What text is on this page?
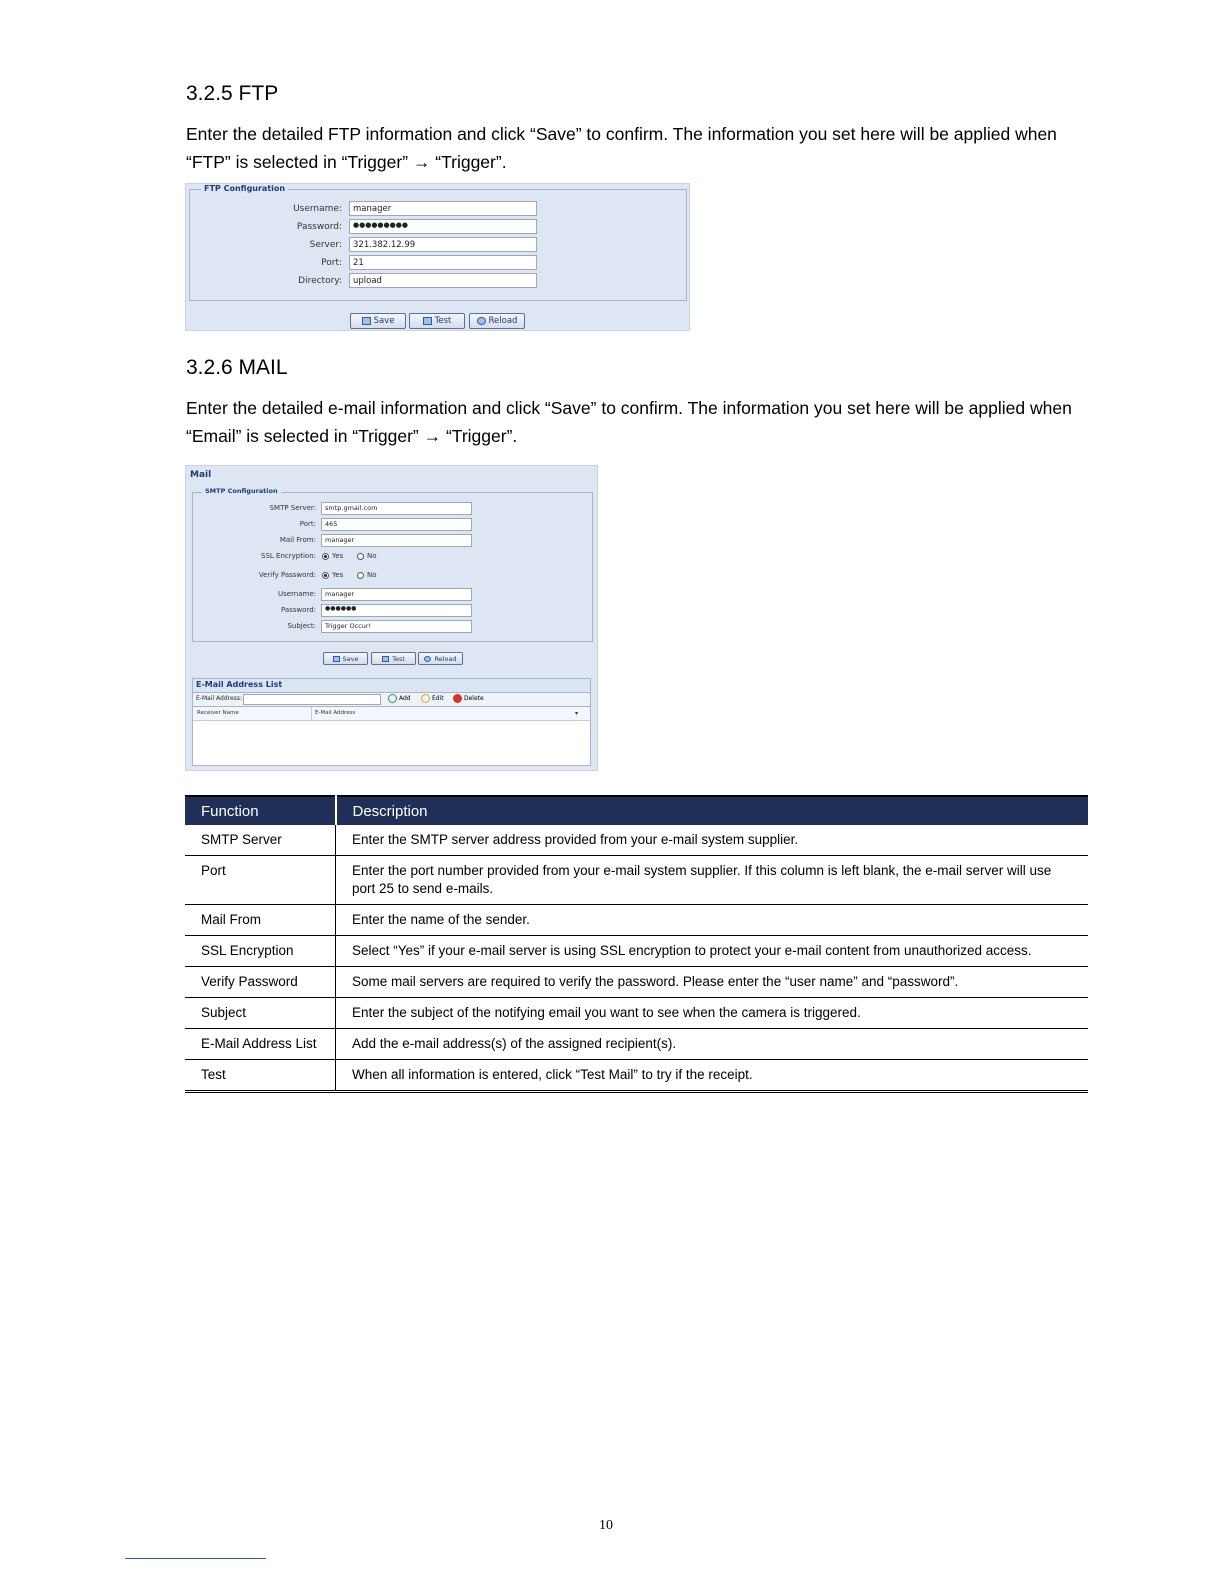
3.2.5 FTP

Enter the detailed FTP information and click “Save” to confirm. The information you set here will be applied when “FTP” is selected in “Trigger” → “Trigger”.

FTP Configuration
Username:	manager
Password:	●●●●●●●●●
Server:	321.382.12.99
Port:	21
Directory:	upload
Save	Test	Reload
3.2.6 MAIL

Enter the detailed e-mail information and click “Save” to confirm. The information you set here will be applied when “Email” is selected in “Trigger” → “Trigger”.

Mail
SMTP Configuration
SMTP Server:	smtp.gmail.com
Port:	465
Mail From:	manager
SSL Encryption: Yes	No
Verify Password: Yes	No
Username:	manager
Password:	●●●●●●
Subject:	Trigger Occur!
Save	Test	Reload
E-Mail Address List
E-Mail Address:	Add	Edit	Delete
Receiver Name	E-Mail Address	▾
Function	Description
SMTP Server	Enter the SMTP server address provided from your e-mail system supplier.
Port	Enter the port number provided from your e-mail system supplier. If this column is left blank, the e-mail server will use port 25 to send e-mails.
Mail From	Enter the name of the sender.
SSL Encryption	Select “Yes” if your e-mail server is using SSL encryption to protect your e-mail content from unauthorized access.
Verify Password	Some mail servers are required to verify the password. Please enter the “user name” and “password”.
Subject	Enter the subject of the notifying email you want to see when the camera is triggered.
E-Mail Address List	Add the e-mail address(s) of the assigned recipient(s).
Test	When all information is entered, click “Test Mail” to try if the receipt.
10
